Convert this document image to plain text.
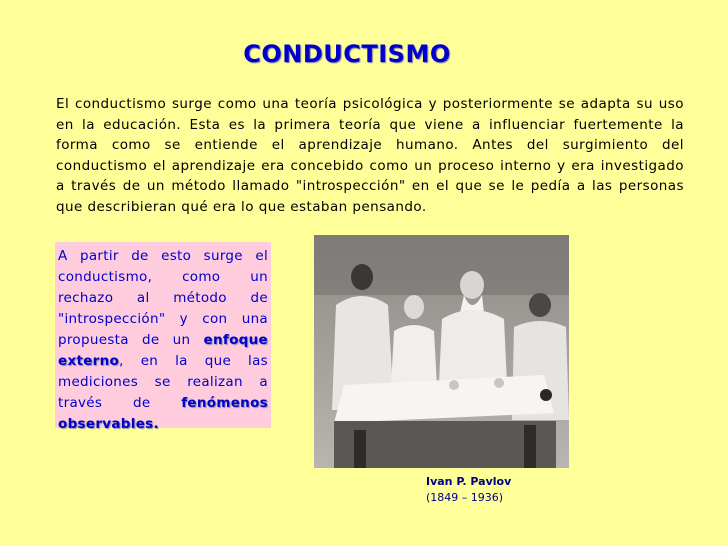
CONDUCTISMO

El conductismo surge como una teoría psicológica y posteriormente se adapta su uso en la educación. Esta es la primera teoría que viene a influenciar fuertemente la forma como se entiende el aprendizaje humano. Antes del surgimiento del conductismo el aprendizaje era concebido como un proceso interno y era investigado a través de un método llamado "introspección" en el que se le pedía a las personas que describieran qué era lo que estaban pensando.

A partir de esto surge el conductismo, como un rechazo al método de "introspección" y con una propuesta de un enfoque externo, en la que las mediciones se realizan a través de fenómenos observables.
Ivan P. Pavlov
(1849 – 1936)
